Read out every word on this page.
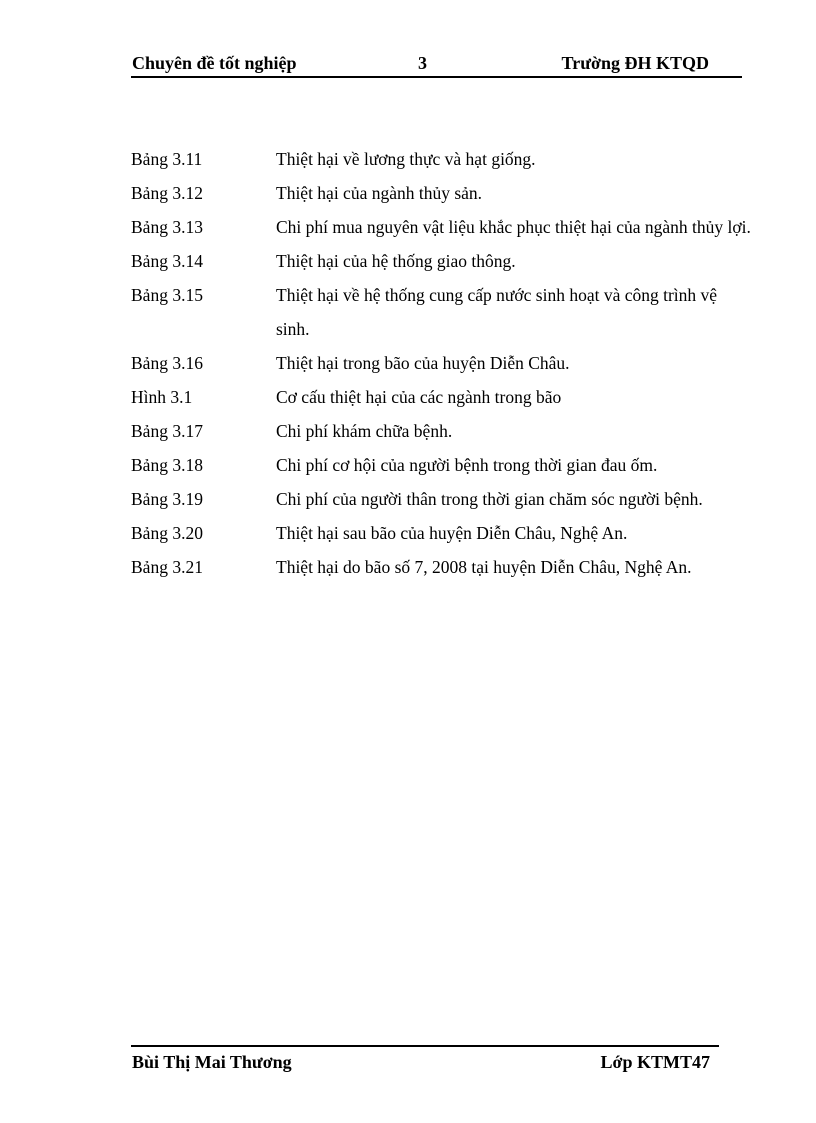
Chuyên đề tốt nghiệp	3	Trường ĐH KTQD
Bảng 3.11	Thiệt hại về lương thực và hạt giống.
Bảng 3.12	Thiệt hại của ngành thủy sản.
Bảng 3.13	Chi phí mua nguyên vật liệu khắc phục thiệt hại của ngành thủy lợi.
Bảng 3.14	Thiệt hại của hệ thống giao thông.
Bảng 3.15	Thiệt hại về hệ thống cung cấp nước sinh hoạt và công trình vệ sinh.
Bảng 3.16	Thiệt hại trong bão của huyện Diễn Châu.
Hình 3.1	Cơ cấu thiệt hại của các ngành trong bão
Bảng 3.17	Chi phí khám chữa bệnh.
Bảng 3.18	Chi phí cơ hội của người bệnh trong thời gian đau ốm.
Bảng 3.19	Chi phí của người thân trong thời gian chăm sóc người bệnh.
Bảng 3.20	Thiệt hại sau bão của huyện Diễn Châu, Nghệ An.
Bảng 3.21	Thiệt hại do bão số 7, 2008 tại huyện Diễn Châu, Nghệ An.
Bùi Thị Mai Thương	Lớp KTMT47
